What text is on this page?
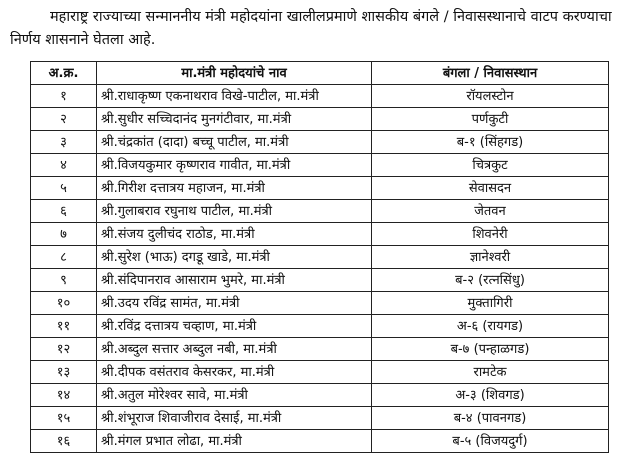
महाराष्ट्र राज्याच्या सन्माननीय मंत्री महोदयांना खालीलप्रमाणे शासकीय बंगले / निवासस्थानाचे वाटप करण्याचा निर्णय शासनाने घेतला आहे.

अ.क्र.	मा.मंत्री महोदयांचे नाव	बंगला / निवासस्थान
१	श्री.राधाकृष्ण एकनाथराव विखे-पाटील, मा.मंत्री	रॉयलस्टोन
२	श्री.सुधीर सच्चिदानंद मुनगंटीवार, मा.मंत्री	पर्णकुटी
३	श्री.चंद्रकांत (दादा) बच्चू पाटील, मा.मंत्री	ब-१ (सिंहगड)
४	श्री.विजयकुमार कृष्णराव गावीत, मा.मंत्री	चित्रकुट
५	श्री.गिरीश दत्तात्रय महाजन, मा.मंत्री	सेवासदन
६	श्री.गुलाबराव रघुनाथ पाटील, मा.मंत्री	जेतवन
७	श्री.संजय दुलीचंद राठोड, मा.मंत्री	शिवनेरी
८	श्री.सुरेश (भाऊ) दगडू खाडे, मा.मंत्री	ज्ञानेश्वरी
९	श्री.संदिपानराव आसाराम भुमरे, मा.मंत्री	ब-२ (रत्नसिंधु)
१०	श्री.उदय रविंद्र सामंत, मा.मंत्री	मुक्तागिरी
११	श्री.रविंद्र दत्तात्रय चव्हाण, मा.मंत्री	अ-६ (रायगड)
१२	श्री.अब्दुल सत्तार अब्दुल नबी, मा.मंत्री	ब-७ (पन्हाळगड)
१३	श्री.दीपक वसंतराव केसरकर, मा.मंत्री	रामटेक
१४	श्री.अतुल मोरेश्वर सावे, मा.मंत्री	अ-३ (शिवगड)
१५	श्री.शंभूराज शिवाजीराव देसाई, मा.मंत्री	ब-४ (पावनगड)
१६	श्री.मंगल प्रभात लोढा, मा.मंत्री	ब-५ (विजयदुर्ग)
